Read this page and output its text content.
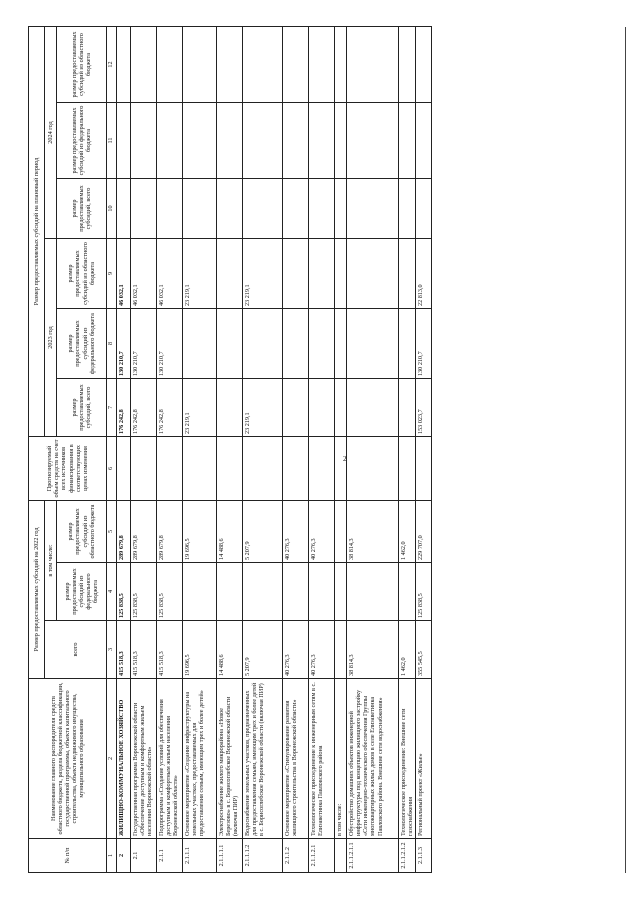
2
№ п/п	Наименование главного распорядителя средств областного бюджета, раздела бюджетной классификации, государственной программы, объекта капитального строительства, объекта недвижимого имущества, муниципального образования	Размер предоставляемых субсидий на 2022 год			Прогнозируемый объем средств на счет всех источников финансирования в соответствующих ценах изменения	Размер предоставляемых субсидий на плановый период					
		всего	в том числе:			2023 год			2024 год		
			размер предоставляемых субсидий из федерального бюджета	размер предоставляемых субсидий из областного бюджета		размер предоставляемых субсидий, всего	размер предоставляемых субсидий из федерального бюджета	размер предоставляемых субсидий из областного бюджета	размер предоставляемых субсидий, всего	размер предоставляемых субсидий из федерального бюджета	размер предоставляемых субсидий из областного бюджета

1	2	3	4	5	6	7	8	9	10	11	12
2	ЖИЛИЩНО-КОММУНАЛЬНОЕ ХОЗЯЙСТВО	415 518,3	125 838,5	289 679,8		176 242,8	130 210,7	46 032,1			
2.1	Государственная программа Воронежской области «Обеспечение доступным и комфортным жильем населения Воронежской области»	415 518,3	125 838,5	289 679,8		176 242,8	130 210,7	46 032,1			
2.1.1	Подпрограмма «Создание условий для обеспечения доступным и комфортным жильем населения Воронежской области»	415 518,3	125 838,5	289 679,8		176 242,8	130 210,7	46 032,1			
2.1.1.1	Основное мероприятие «Создание инфраструктуры на земельных участках, предоставляемых для предоставления семьям, имеющим трех и более детей»	19 696,5		19 696,5		23 219,1		23 219,1			
2.1.1.1.1	Электроснабжение жилого микрорайона «Новое Березово» в с. Борисоглебское Воронежской области (включая ПИР)	14 488,6		14 488,6							
2.1.1.1.2	Водоснабжение земельных участков, предназначенных для предоставления семьям, имеющим трех и более детей в с. Борисоглебское Воронежской области (включая ПИР)	5 207,9		5 207,9		23 219,1		23 219,1			
2.1.1.2	Основное мероприятие «Стимулирование развития жилищного строительства в Воронежской области»	40 276,3		40 276,3							
2.1.1.2.1	Технологическое присоединение к инженерным сетям в с. Елизаветинка Павловского района	40 276,3		40 276,3							
	в том числе:										
2.1.1.2.1.1	Обустройство домашних объектов инженерной инфраструктуры под концепцию жилищного застройку «Сети инженерно-технического обеспечения Группы многоквартирных жилых домов в селе Елизаветинка Павловского района. Внешние сети водоснабжения»	38 814,3		38 814,3							
2.1.1.2.1.2	Технологическое присоединение: Внешние сети газоснабжения	1 462,0		1 462,0							
2.1.1.3	Региональный проект «Жилье»	355 545,5	125 838,5	229 707,0		153 023,7	130 210,7	22 813,0			
